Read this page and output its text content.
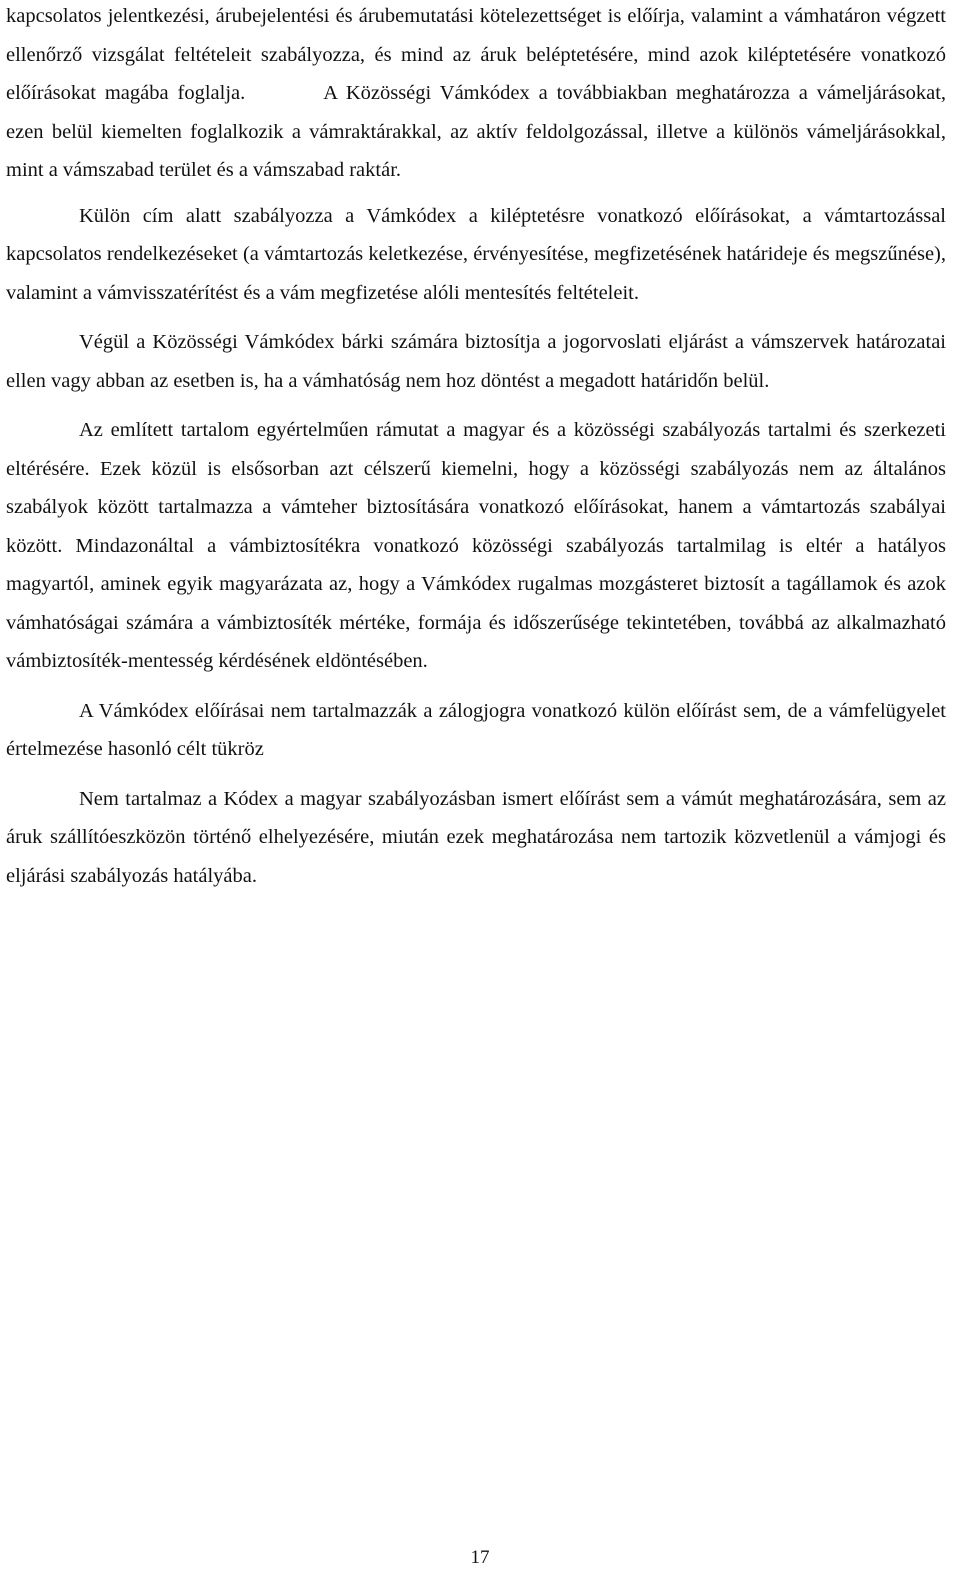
kapcsolatos jelentkezési, árubejelentési és árubemutatási kötelezettséget is előírja, valamint a vámhatáron végzett ellenőrző vizsgálat feltételeit szabályozza, és mind az áruk beléptetésére, mind azok kiléptetésére vonatkozó előírásokat magába foglalja.	A Közösségi Vámkódex a továbbiakban meghatározza a vámeljárásokat, ezen belül kiemelten foglalkozik a vámraktárakkal, az aktív feldolgozással, illetve a különös vámeljárásokkal, mint a vámszabad terület és a vámszabad raktár.

Külön cím alatt szabályozza a Vámkódex a kiléptetésre vonatkozó előírásokat, a vámtartozással kapcsolatos rendelkezéseket (a vámtartozás keletkezése, érvényesítése, megfizetésének határideje és megszűnése), valamint a vámvisszatérítést és a vám megfizetése alóli mentesítés feltételeit.

Végül a Közösségi Vámkódex bárki számára biztosítja a jogorvoslati eljárást a vámszervek határozatai ellen vagy abban az esetben is, ha a vámhatóság nem hoz döntést a megadott határidőn belül.

Az említett tartalom egyértelműen rámutat a magyar és a közösségi szabályozás tartalmi és szerkezeti eltérésére. Ezek közül is elsősorban azt célszerű kiemelni, hogy a közösségi szabályozás nem az általános szabályok között tartalmazza a vámteher biztosítására vonatkozó előírásokat, hanem a vámtartozás szabályai között. Mindazonáltal a vámbiztosítékra vonatkozó közösségi szabályozás tartalmilag is eltér a hatályos magyartól, aminek egyik magyarázata az, hogy a Vámkódex rugalmas mozgásteret biztosít a tagállamok és azok vámhatóságai számára a vámbiztosíték mértéke, formája és időszerűsége tekintetében, továbbá az alkalmazható vámbiztosíték-mentesség kérdésének eldöntésében.

A Vámkódex előírásai nem tartalmazzák a zálogjogra vonatkozó külön előírást sem, de a vámfelügyelet értelmezése hasonló célt tükröz

Nem tartalmaz a Kódex a magyar szabályozásban ismert előírást sem a vámút meghatározására, sem az áruk szállítóeszközön történő elhelyezésére, miután ezek meghatározása nem tartozik közvetlenül a vámjogi és eljárási szabályozás hatályába.

17
